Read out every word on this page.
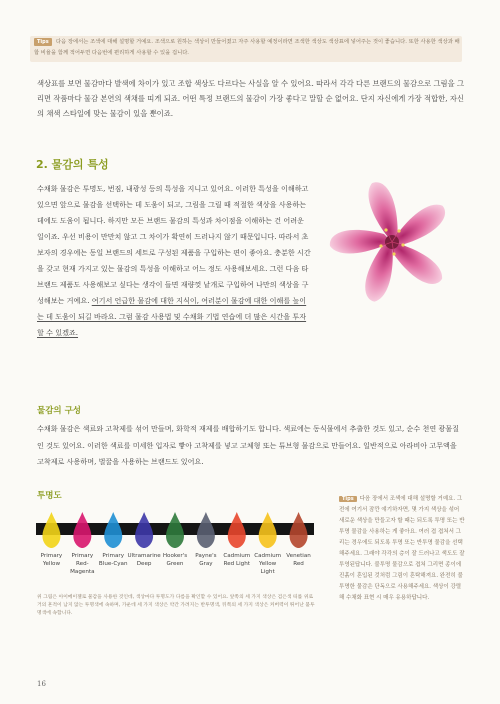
다음 장에서는 조색에 대해 설명할 거예요. 조색으로 원하는 색상이 만들어졌고 자주 사용할 예정이라면 조색한 색상도 색상표에 넣어주는 것이 좋습니다. 또한 사용한 색상과 배합 비율을 함께 적어두면 다음번에 편리하게 사용할 수 있을 겁니다.
Tips
색상표를 보면 물감마다 발색에 차이가 있고 조합 색상도 다르다는 사실을 알 수 있어요. 따라서 각각 다른 브랜드의 물감으로 그림을 그리면 작품마다 물감 본연의 색채를 띠게 되죠. 어떤 특정 브랜드의 물감이 가장 좋다고 말할 순 없어요. 단지 자신에게 가장 적합한, 자신의 채색 스타일에 맞는 물감이 있을 뿐이죠.
2. 물감의 특성
수채화 물감은 투명도, 번짐, 내광성 등의 특성을 지니고 있어요. 이러한 특성을 이해하고 있으면 앞으로 물감을 선택하는 데 도움이 되고, 그림을 그릴 때 적절한 색상을 사용하는 데에도 도움이 됩니다. 하지만 모든 브랜드 물감의 특성과 차이점을 이해하는 건 어려운 일이죠. 우선 비용이 만만치 않고 그 차이가 확연히 드러나지 않기 때문입니다. 따라서 초보자의 경우에는 동일 브랜드의 세트로 구성된 제품을 구입하는 편이 좋아요. 충분한 시간을 갖고 현재 가지고 있는 물감의 특성을 이해하고 어느 정도 사용해보세요. 그런 다음 타 브랜드 제품도 사용해보고 싶다는 생각이 들면 재량껏 낱개로 구입하여 나만의 색상을 구성해보는 거예요. 여기서 언급한 물감에 대한 지식이, 여러분이 물감에 대한 이해를 높이는 데 도움이 되길 바라요. 그럼 물감 사용법 및 수채화 기법 연습에 더 많은 시간을 투자할 수 있겠죠.
물감의 구성
수채화 물감은 색료와 고착제를 섞어 만들며, 화학적 재제를 배합하기도 합니다. 색료에는 동식물에서 추출한 것도 있고, 순수 천연 광물질인 것도 있어요. 이러한 색료를 미세한 입자로 빻아 고착제를 넣고 고체형 또는 튜브형 물감으로 만들어요. 일반적으로 아라비아 고무액을 고착제로 사용하며, 벌꿀을 사용하는 브랜드도 있어요.
투명도
Primary
Yellow
Primary
Red-
Magenta
Primary
Blue-Cyan
Ultramarine
Deep
Hooker's
Green
Payne's
Gray
Cadmium
Red Light
Cadmium
Yellow
Light
Venetian
Red
위 그림은 아이메이젤로 물감을 사용한 것인데, 색상마다 투명도가 다름을 확인할 수 있어요. 앞쪽의 세 가지 색상은 검은색 띠를 위로 거의 흔적이 남지 않는 투명색에 속하며, 가운데 세 가지 색상은 약간 가려지는 반투명색, 뒤쪽의 세 가지 색상은 커버력이 뛰어난 불투명색에 속합니다.
Tips 다음 장에서 조색에 대해 설명할 거예요. 그 전에 여기서 잠깐 얘기하자면, 몇 가지 색상을 섞어 새로운 색상을 만들고자 할 때는 되도록 투명 또는 반투명 물감을 사용하는 게 좋아요. 여러 겹 겹쳐서 그리는 경우에도 되도록 투명 또는 반투명 물감을 선택해주세요. 그래야 각각의 층이 잘 드러나고 색도도 잘 투영된답니다. 불투명 물감으로 겹쳐 그리면 종이에 진흙이 혼입된 것처럼 그림이 혼탁해져요. 완전히 불투명한 물감은 단독으로 사용해주세요. 색상이 강렬해 수채화 표현 시 매우 유용하답니다.
16
